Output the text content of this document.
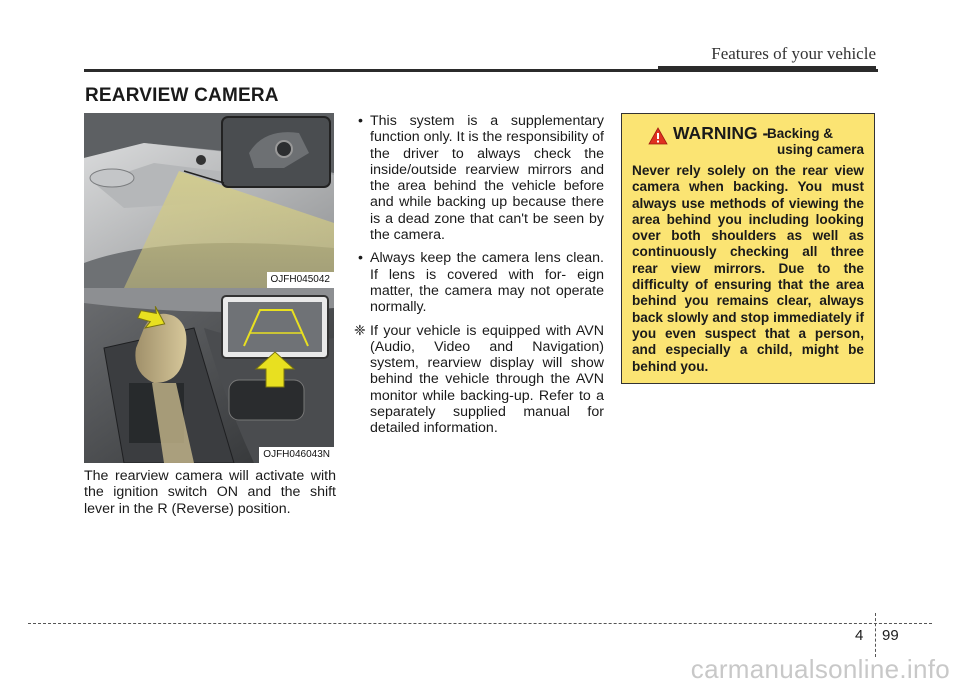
Features of your vehicle
REARVIEW CAMERA
OJFH045042
OJFH046043N
The rearview camera will activate with the ignition switch ON and the shift lever in the R (Reverse) position.
• This system is a supplementary function only. It is the responsibility of the driver to always check the inside/outside rearview mirrors and the area behind the vehicle before and while backing up because there is a dead zone that can't be seen by the camera.
• Always keep the camera lens clean. If lens is covered with for- eign matter, the camera may not operate normally.
❈ If your vehicle is equipped with AVN (Audio, Video and Navigation) system, rearview display will show behind the vehicle through the AVN monitor while backing-up. Refer to a separately supplied manual for detailed information.
WARNING -
Backing &
using camera
Never rely solely on the rear view camera when backing. You must always use methods of viewing the area behind you including looking over both shoulders as well as continuously checking all three rear view mirrors. Due to the difficulty of ensuring that the area behind you remains clear, always back slowly and stop immediately if you even suspect that a person, and especially a child, might be behind you.
4 99
carmanualsonline.info
